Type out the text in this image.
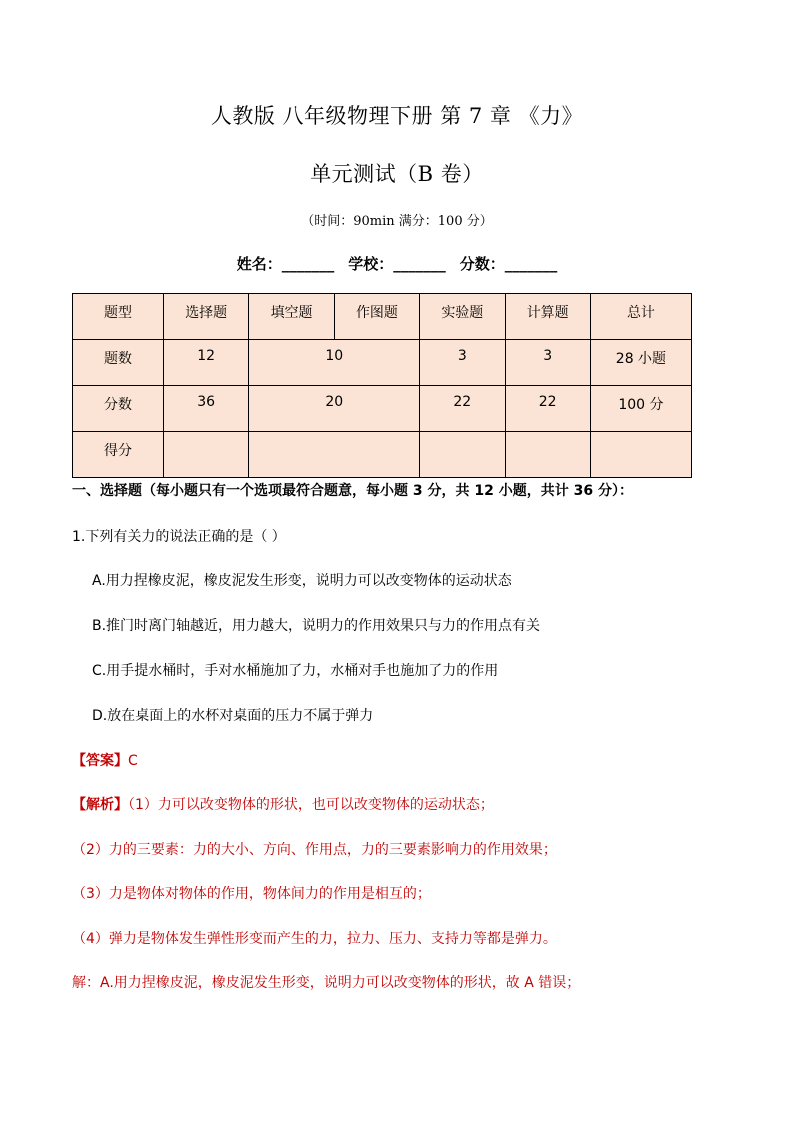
人教版 八年级物理下册 第 7 章 《力》
单元测试（B 卷）
（时间：90min 满分：100 分）
姓名：_______ 学校：_______ 分数：_______
题型	选择题	填空题	作图题	实验题	计算题	总计
题数	12	10		3	3	28 小题
分数	36	20		22	22	100 分
得分						
一、选择题（每小题只有一个选项最符合题意，每小题 3 分，共 12 小题，共计 36 分）：
1.下列有关力的说法正确的是（ ）
A.用力捏橡皮泥，橡皮泥发生形变，说明力可以改变物体的运动状态
B.推门时离门轴越近，用力越大，说明力的作用效果只与力的作用点有关
C.用手提水桶时，手对水桶施加了力，水桶对手也施加了力的作用
D.放在桌面上的水杯对桌面的压力不属于弹力
【答案】C
【解析】（1）力可以改变物体的形状，也可以改变物体的运动状态；
（2）力的三要素：力的大小、方向、作用点，力的三要素影响力的作用效果；
（3）力是物体对物体的作用，物体间力的作用是相互的；
（4）弹力是物体发生弹性形变而产生的力，拉力、压力、支持力等都是弹力。
解：A.用力捏橡皮泥，橡皮泥发生形变，说明力可以改变物体的形状，故 A 错误；
